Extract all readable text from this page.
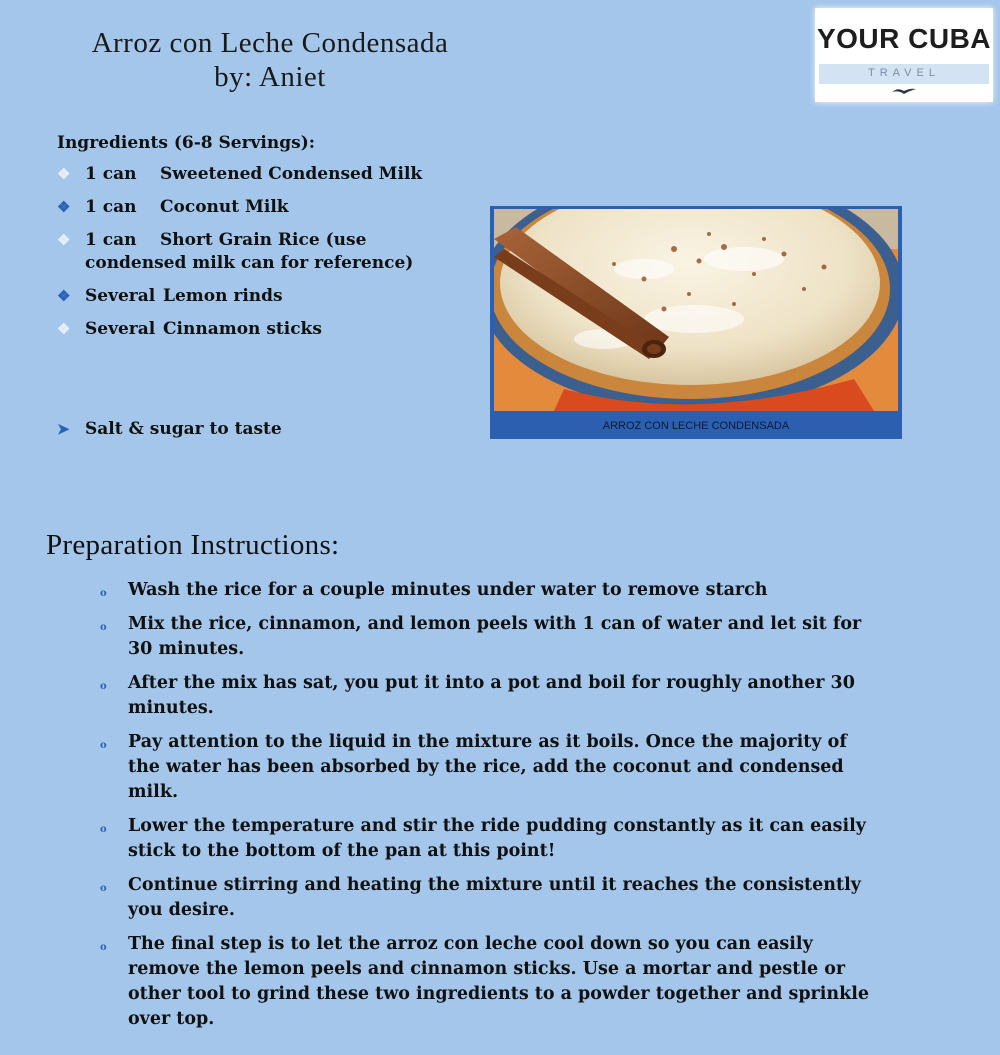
Arroz con Leche Condensada
by: Aniet
YOUR CUBA
TRAVEL
Ingredients (6-8 Servings):
❖ 1 can Sweetened Condensed Milk
❖ 1 can Coconut Milk
❖ 1 can	Short Grain Rice (use condensed milk can for reference)
❖ Several Lemon rinds
❖ Several Cinnamon sticks
➤ Salt & sugar to taste	ARROZ CON LECHE CONDENSADA
Preparation Instructions:
o Wash the rice for a couple minutes under water to remove starch
o Mix the rice, cinnamon, and lemon peels with 1 can of water and let sit for 30 minutes.
o After the mix has sat, you put it into a pot and boil for roughly another 30 minutes.
o Pay attention to the liquid in the mixture as it boils. Once the majority of the water has been absorbed by the rice, add the coconut and condensed milk.
o Lower the temperature and stir the ride pudding constantly as it can easily stick to the bottom of the pan at this point!
o Continue stirring and heating the mixture until it reaches the consistently you desire.
o The final step is to let the arroz con leche cool down so you can easily remove the lemon peels and cinnamon sticks. Use a mortar and pestle or other tool to grind these two ingredients to a powder together and sprinkle over top.
